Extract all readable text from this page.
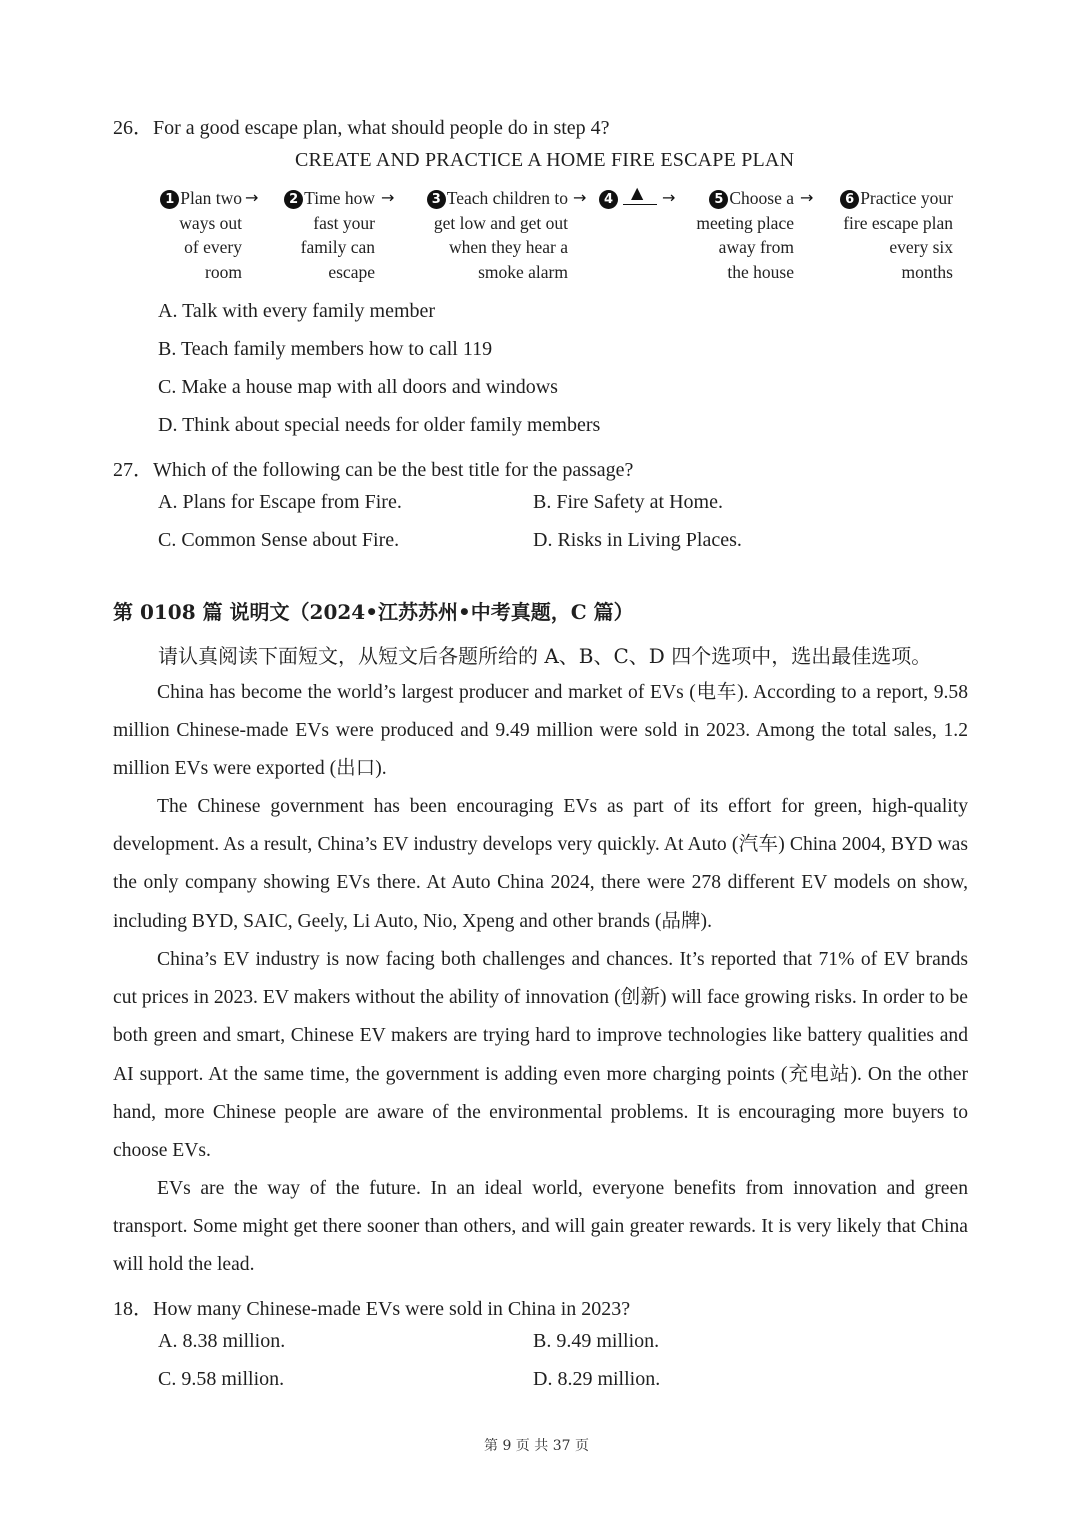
26．For a good escape plan, what should people do in step 4?
CREATE AND PRACTICE A HOME FIRE ESCAPE PLAN
1 Plan two
ways out
of every
room
→	2 Time how
fast your
family can
escape
→	3 Teach children to
get low and get out
when they hear a
smoke alarm
→	4	▲ →	5 Choose a
meeting place
away from
the house
→	6 Practice your
fire escape plan
every six
months
A. Talk with every family member
B. Teach family members how to call 119
C. Make a house map with all doors and windows
D. Think about special needs for older family members
27．Which of the following can be the best title for the passage?
A. Plans for Escape from Fire.	B. Fire Safety at Home.
C. Common Sense about Fire.	D. Risks in Living Places.
第 0108 篇 说明文（2024•江苏苏州•中考真题，C 篇）
请认真阅读下面短文，从短文后各题所给的 A、B、C、D 四个选项中，选出最佳选项。

China has become the world’s largest producer and market of EVs (电车). According to a report, 9.58 million Chinese-made EVs were produced and 9.49 million were sold in 2023. Among the total sales, 1.2 million EVs were exported (出口).

The Chinese government has been encouraging EVs as part of its effort for green, high-quality development. As a result, China’s EV industry develops very quickly. At Auto (汽车) China 2004, BYD was the only company showing EVs there. At Auto China 2024, there were 278 different EV models on show, including BYD, SAIC, Geely, Li Auto, Nio, Xpeng and other brands (品牌).

China’s EV industry is now facing both challenges and chances. It’s reported that 71% of EV brands cut prices in 2023. EV makers without the ability of innovation (创新) will face growing risks. In order to be both green and smart, Chinese EV makers are trying hard to improve technologies like battery qualities and AI support. At the same time, the government is adding even more charging points (充电站). On the other hand, more Chinese people are aware of the environmental problems. It is encouraging more buyers to choose EVs.

EVs are the way of the future. In an ideal world, everyone benefits from innovation and green transport. Some might get there sooner than others, and will gain greater rewards. It is very likely that China will hold the lead.

18．How many Chinese-made EVs were sold in China in 2023?
A. 8.38 million.	B. 9.49 million.
C. 9.58 million.	D. 8.29 million.
第 9 页 共 37 页
